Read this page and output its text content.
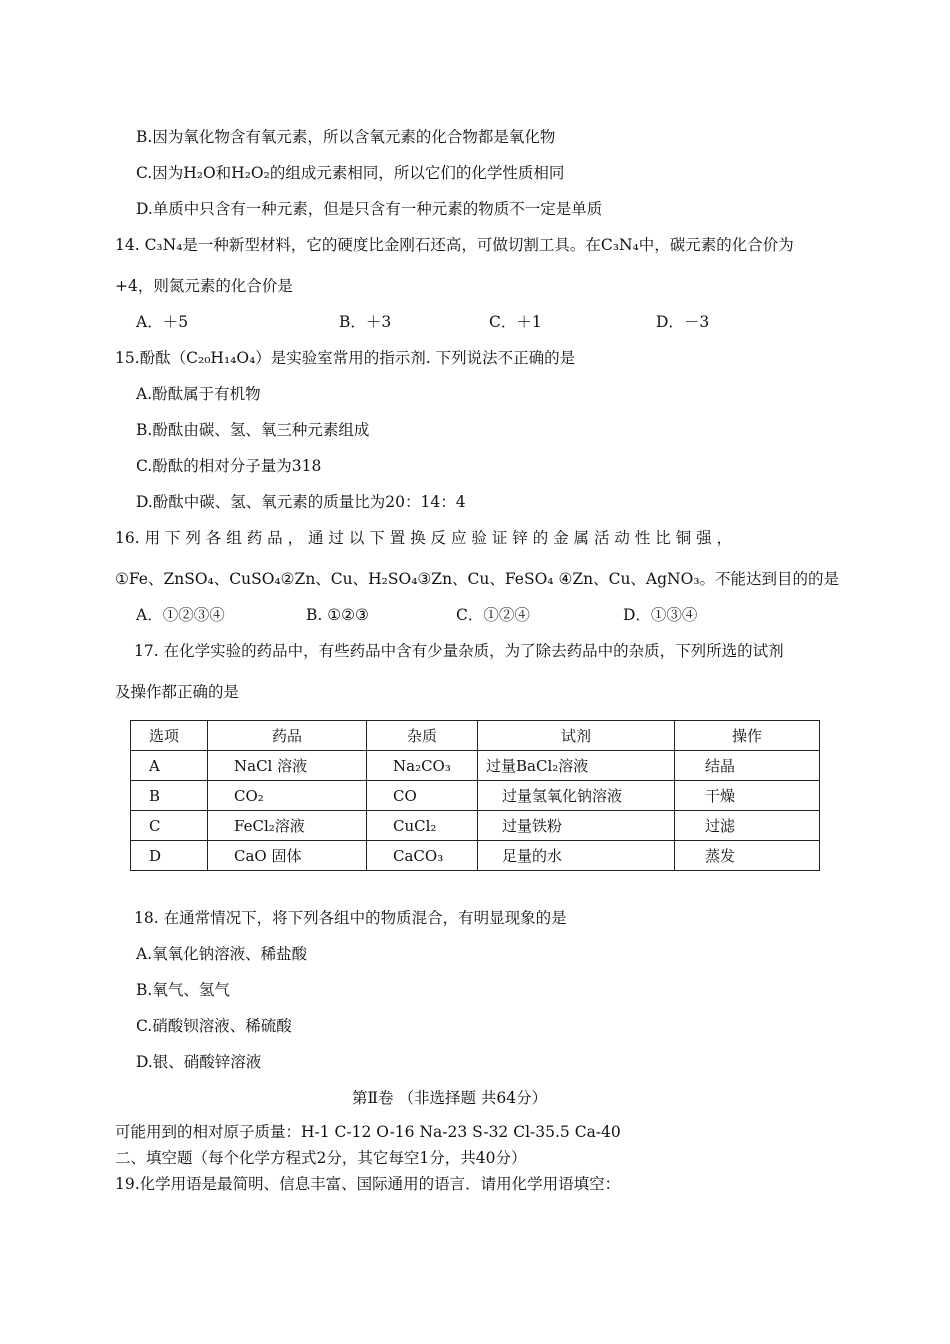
B.因为氧化物含有氧元素，所以含氧元素的化合物都是氧化物
C.因为H₂O和H₂O₂的组成元素相同，所以它们的化学性质相同
D.单质中只含有一种元素，但是只含有一种元素的物质不一定是单质
14. C₃N₄是一种新型材料，它的硬度比金刚石还高，可做切割工具。在C₃N₄中，碳元素的化合价为
+4，则氮元素的化合价是
A．＋5	B．＋3	C．＋1	D．－3
15.酚酞（C₂₀H₁₄O₄）是实验室常用的指示剂. 下列说法不正确的是
A.酚酞属于有机物
B.酚酞由碳、氢、氧三种元素组成
C.酚酞的相对分子量为318
D.酚酞中碳、氢、氧元素的质量比为20：14：4
16. 用 下 列 各 组 药 品 ， 通 过 以 下 置 换 反 应 验 证 锌 的 金 属 活 动 性 比 铜 强 ，
①Fe、ZnSO₄、CuSO₄②Zn、Cu、H₂SO₄③Zn、Cu、FeSO₄ ④Zn、Cu、AgNO₃。不能达到目的的是
A．①②③④	B. ①②③	C．①②④	D．①③④
17. 在化学实验的药品中，有些药品中含有少量杂质，为了除去药品中的杂质，下列所选的试剂
及操作都正确的是
选项	药品	杂质	试剂	操作
A	NaCl 溶液	Na₂CO₃	过量BaCl₂溶液	结晶
B	CO₂	CO	过量氢氧化钠溶液	干燥
C	FeCl₂溶液	CuCl₂	过量铁粉	过滤
D	CaO 固体	CaCO₃	足量的水	蒸发
18. 在通常情况下，将下列各组中的物质混合，有明显现象的是
A.氧氧化钠溶液、稀盐酸
B.氧气、氢气
C.硝酸钡溶液、稀硫酸
D.银、硝酸锌溶液
第Ⅱ卷 （非选择题 共64分）
可能用到的相对原子质量：H-1 C-12 O-16 Na-23 S-32 Cl-35.5 Ca-40
二、填空题（每个化学方程式2分，其它每空1分，共40分）
19.化学用语是最简明、信息丰富、国际通用的语言．请用化学用语填空：
